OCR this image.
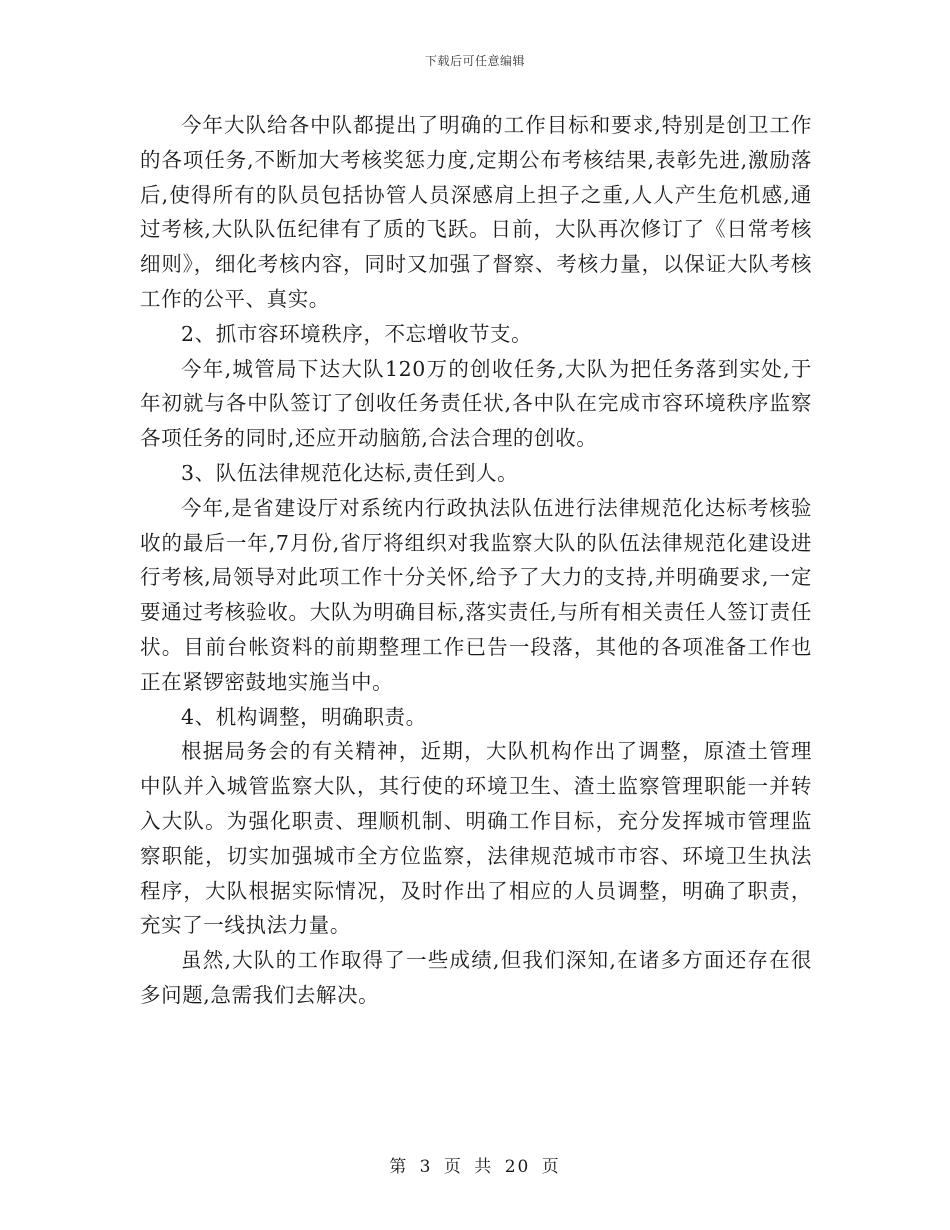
下载后可任意编辑

今年大队给各中队都提出了明确的工作目标和要求,特别是创卫工作的各项任务,不断加大考核奖惩力度,定期公布考核结果,表彰先进,激励落后,使得所有的队员包括协管人员深感肩上担子之重,人人产生危机感,通过考核,大队队伍纪律有了质的飞跃。日前，大队再次修订了《日常考核细则》，细化考核内容，同时又加强了督察、考核力量，以保证大队考核工作的公平、真实。

2、抓市容环境秩序，不忘增收节支。

今年,城管局下达大队120万的创收任务,大队为把任务落到实处,于年初就与各中队签订了创收任务责任状,各中队在完成市容环境秩序监察各项任务的同时,还应开动脑筋,合法合理的创收。

3、队伍法律规范化达标,责任到人。

今年,是省建设厅对系统内行政执法队伍进行法律规范化达标考核验收的最后一年,7月份,省厅将组织对我监察大队的队伍法律规范化建设进行考核,局领导对此项工作十分关怀,给予了大力的支持,并明确要求,一定要通过考核验收。大队为明确目标,落实责任,与所有相关责任人签订责任状。目前台帐资料的前期整理工作已告一段落，其他的各项准备工作也正在紧锣密鼓地实施当中。

4、机构调整，明确职责。

根据局务会的有关精神，近期，大队机构作出了调整，原渣土管理中队并入城管监察大队，其行使的环境卫生、渣土监察管理职能一并转入大队。为强化职责、理顺机制、明确工作目标，充分发挥城市管理监察职能，切实加强城市全方位监察，法律规范城市市容、环境卫生执法程序，大队根据实际情况，及时作出了相应的人员调整，明确了职责，充实了一线执法力量。

虽然,大队的工作取得了一些成绩,但我们深知,在诸多方面还存在很多问题,急需我们去解决。

第 3 页 共 20 页
